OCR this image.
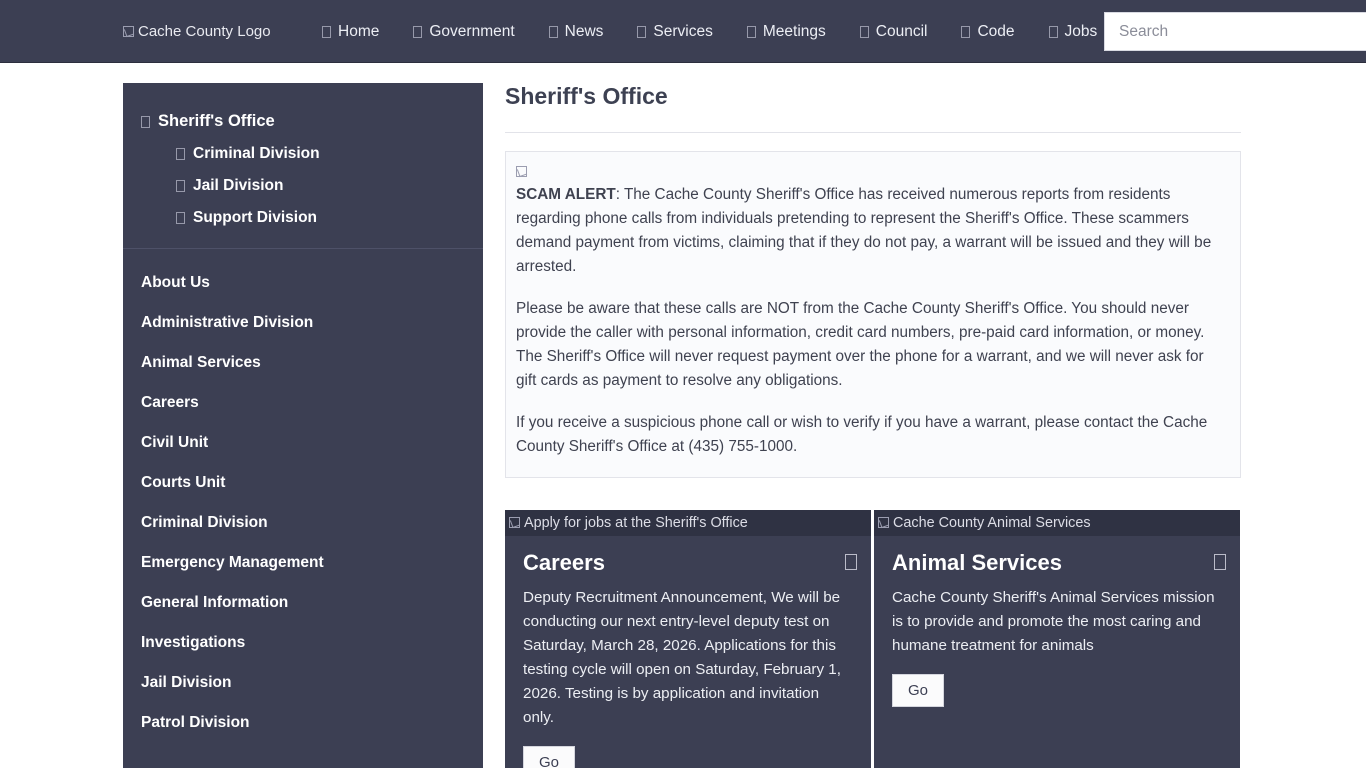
Cache County Logo	Home	Government	News	Services	Meetings	Council	Code	Jobs
Search
Sheriff's Office
Criminal Division
Jail Division
Support Division
About Us
Administrative Division
Animal Services
Careers
Civil Unit
Courts Unit
Criminal Division
Emergency Management
General Information
Investigations
Jail Division
Patrol Division
Sheriff's Office

SCAM ALERT: The Cache County Sheriff's Office has received numerous reports from residents regarding phone calls from individuals pretending to represent the Sheriff's Office. These scammers demand payment from victims, claiming that if they do not pay, a warrant will be issued and they will be arrested.

Please be aware that these calls are NOT from the Cache County Sheriff's Office. You should never provide the caller with personal information, credit card numbers, pre-paid card information, or money. The Sheriff's Office will never request payment over the phone for a warrant, and we will never ask for gift cards as payment to resolve any obligations.

If you receive a suspicious phone call or wish to verify if you have a warrant, please contact the Cache County Sheriff's Office at (435) 755-1000.

Apply for jobs at the Sheriff's Office
Careers

Deputy Recruitment Announcement, We will be conducting our next entry-level deputy test on Saturday, March 28, 2026. Applications for this testing cycle will open on Saturday, February 1, 2026. Testing is by application and invitation only.

Go
Cache County Animal Services
Animal Services

Cache County Sheriff's Animal Services mission is to provide and promote the most caring and humane treatment for animals

Go
